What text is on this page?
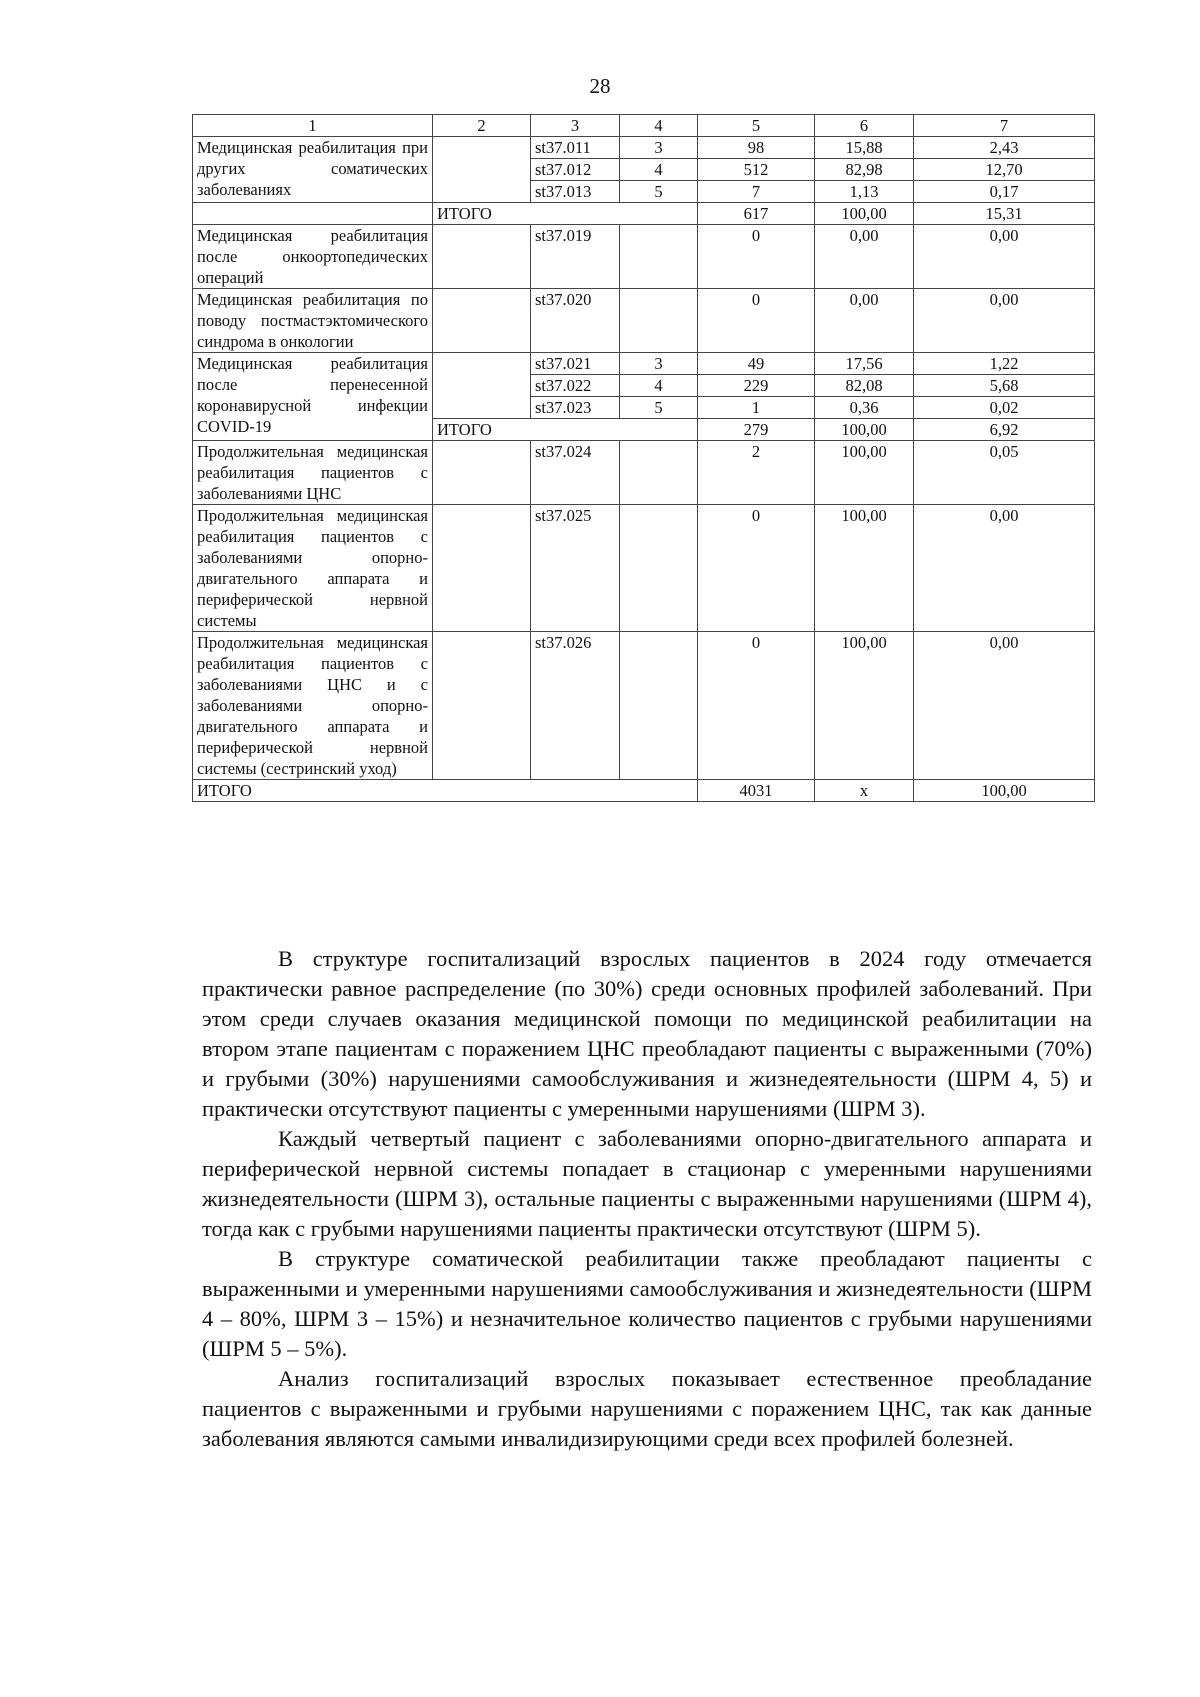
28
1	2	3	4	5	6	7
Медицинская реабилитация при других соматических заболеваниях		st37.011	3	98	15,88	2,43
		st37.012	4	512	82,98	12,70
		st37.013	5	7	1,13	0,17
	ИТОГО			617	100,00	15,31
Медицинская реабилитация после онкоортопедических операций		st37.019		0	0,00	0,00
Медицинская реабилитация по поводу постмастэктомического синдрома в онкологии		st37.020		0	0,00	0,00
Медицинская реабилитация после перенесенной коронавирусной инфекции COVID-19		st37.021	3	49	17,56	1,22
		st37.022	4	229	82,08	5,68
		st37.023	5	1	0,36	0,02
	ИТОГО			279	100,00	6,92
Продолжительная медицинская реабилитация пациентов с заболеваниями ЦНС		st37.024		2	100,00	0,05
Продолжительная медицинская реабилитация пациентов с заболеваниями опорно-двигательного аппарата и периферической нервной системы		st37.025		0	100,00	0,00
Продолжительная медицинская реабилитация пациентов с заболеваниями ЦНС и с заболеваниями опорно-двигательного аппарата и периферической нервной системы (сестринский уход)		st37.026		0	100,00	0,00
ИТОГО				4031	x	100,00

В структуре госпитализаций взрослых пациентов в 2024 году отмечается практически равное распределение (по 30%) среди основных профилей заболеваний. При этом среди случаев оказания медицинской помощи по медицинской реабилитации на втором этапе пациентам с поражением ЦНС преобладают пациенты с выраженными (70%) и грубыми (30%) нарушениями самообслуживания и жизнедеятельности (ШРМ 4, 5) и практически отсутствуют пациенты с умеренными нарушениями (ШРМ 3).

Каждый четвертый пациент с заболеваниями опорно-двигательного аппарата и периферической нервной системы попадает в стационар с умеренными нарушениями жизнедеятельности (ШРМ 3), остальные пациенты с выраженными нарушениями (ШРМ 4), тогда как с грубыми нарушениями пациенты практически отсутствуют (ШРМ 5).

В структуре соматической реабилитации также преобладают пациенты с выраженными и умеренными нарушениями самообслуживания и жизнедеятельности (ШРМ 4 – 80%, ШРМ 3 – 15%) и незначительное количество пациентов с грубыми нарушениями (ШРМ 5 – 5%).

Анализ госпитализаций взрослых показывает естественное преобладание пациентов с выраженными и грубыми нарушениями с поражением ЦНС, так как данные заболевания являются самыми инвалидизирующими среди всех профилей болезней.
